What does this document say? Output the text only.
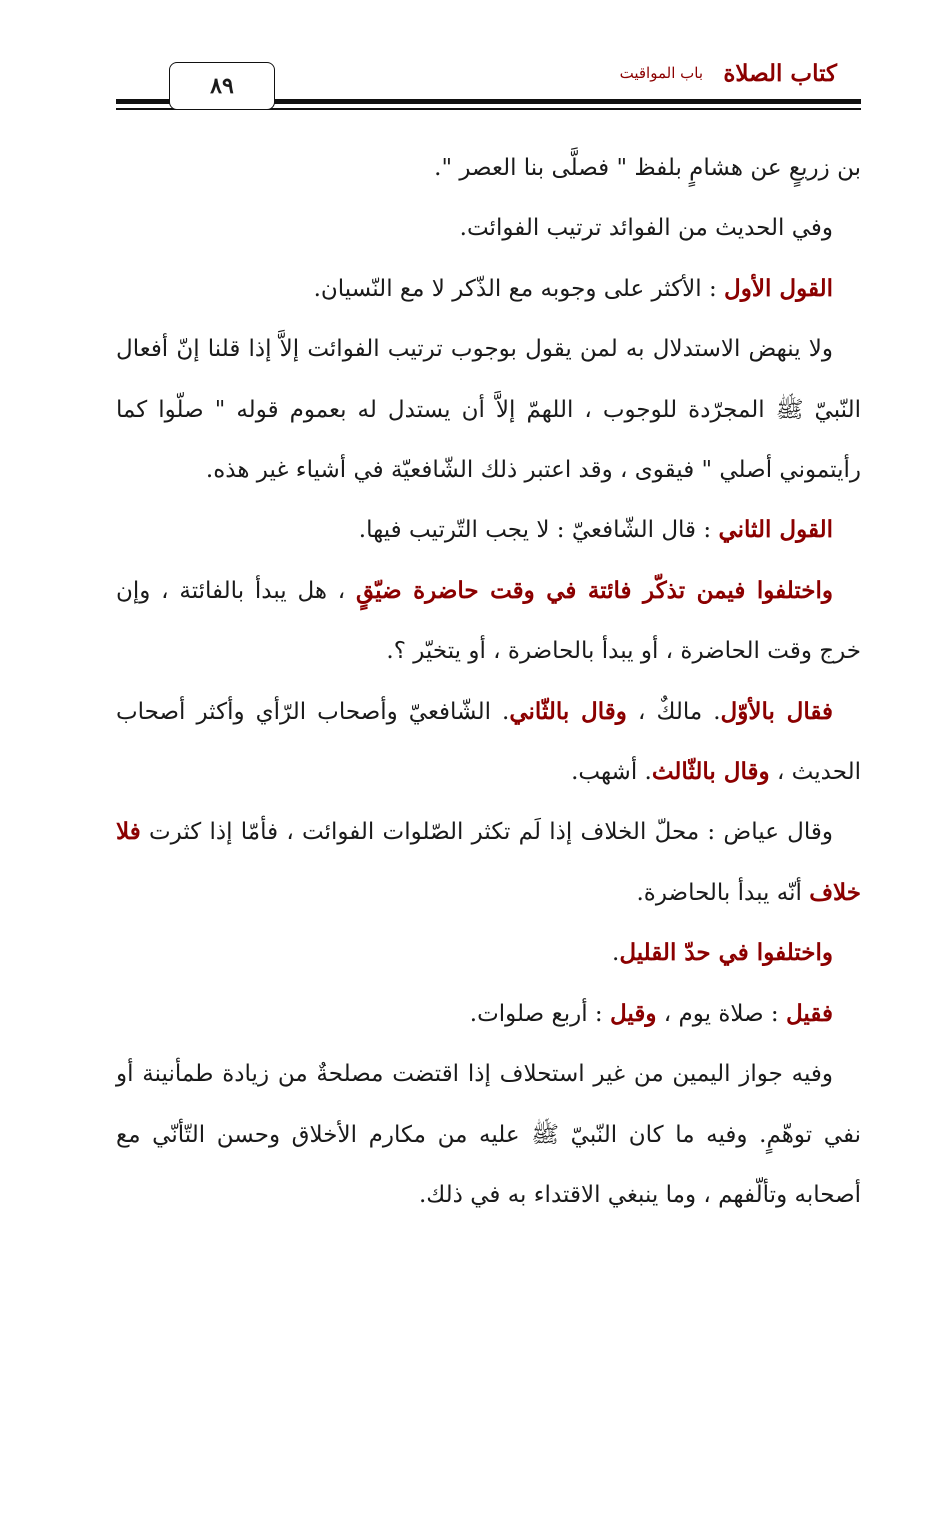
كتاب الصلاة
باب المواقيت
٨٩

بن زريعٍ عن هشامٍ بلفظ " فصلَّى بنا العصر ".

وفي الحديث من الفوائد ترتيب الفوائت.

القول الأول : الأكثر على وجوبه مع الذّكر لا مع النّسيان.

ولا ينهض الاستدلال به لمن يقول بوجوب ترتيب الفوائت إلاَّ إذا قلنا إنّ أفعال النّبيّ ﷺ المجرّدة للوجوب ، اللهمّ إلاَّ أن يستدل له بعموم قوله " صلّوا كما رأيتموني أصلي " فيقوى ، وقد اعتبر ذلك الشّافعيّة في أشياء غير هذه.

القول الثاني : قال الشّافعيّ : لا يجب التّرتيب فيها.

واختلفوا فيمن تذكّر فائتة في وقت حاضرة ضيّقٍ ، هل يبدأ بالفائتة ، وإن خرج وقت الحاضرة ، أو يبدأ بالحاضرة ، أو يتخيّر ؟.

فقال بالأوّل. مالكٌ ، وقال بالثّاني. الشّافعيّ وأصحاب الرّأي وأكثر أصحاب الحديث ، وقال بالثّالث. أشهب.

وقال عياض : محلّ الخلاف إذا لَم تكثر الصّلوات الفوائت ، فأمّا إذا كثرت فلا خلاف أنّه يبدأ بالحاضرة.

واختلفوا في حدّ القليل.

فقيل : صلاة يوم ، وقيل : أربع صلوات.

وفيه جواز اليمين من غير استحلاف إذا اقتضت مصلحةٌ من زيادة طمأنينة أو نفي توهّمٍ. وفيه ما كان النّبيّ ﷺ عليه من مكارم الأخلاق وحسن التّأنّي مع أصحابه وتألّفهم ، وما ينبغي الاقتداء به في ذلك.
